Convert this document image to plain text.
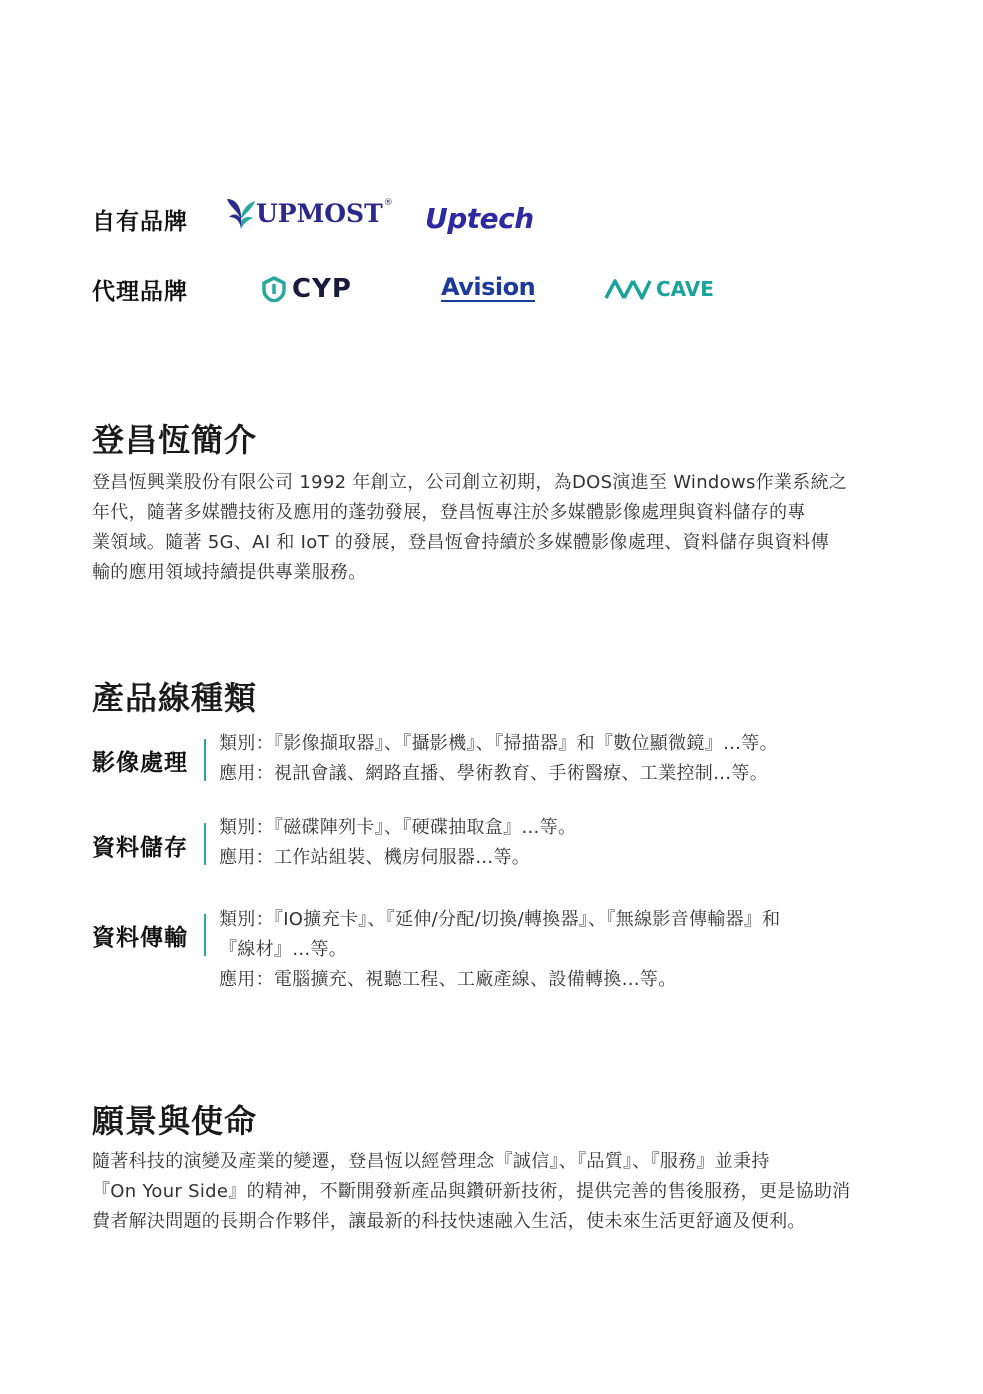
自有品牌	UPMOST ® Uptech
代理品牌	CYP	Avision	CAVE
登昌恆簡介
登昌恆興業股份有限公司 1992 年創立，公司創立初期，為DOS演進至 Windows作業系統之
年代，隨著多媒體技術及應用的蓬勃發展，登昌恆專注於多媒體影像處理與資料儲存的專
業領域。隨著 5G、AI 和 IoT 的發展，登昌恆會持續於多媒體影像處理、資料儲存與資料傳
輸的應用領域持續提供專業服務。
產品線種類
影像處理
類別：『影像擷取器』、『攝影機』、『掃描器』和『數位顯微鏡』…等。
應用：視訊會議、網路直播、學術教育、手術醫療、工業控制…等。
資料儲存
類別：『磁碟陣列卡』、『硬碟抽取盒』…等。
應用：工作站組裝、機房伺服器…等。
資料傳輸
類別：『IO擴充卡』、『延伸/分配/切換/轉換器』、『無線影音傳輸器』和
『線材』…等。
應用：電腦擴充、視聽工程、工廠產線、設備轉換…等。
願景與使命
隨著科技的演變及產業的變遷，登昌恆以經營理念『誠信』、『品質』、『服務』並秉持
『On Your Side』的精神，不斷開發新產品與鑽研新技術，提供完善的售後服務，更是協助消
費者解決問題的長期合作夥伴，讓最新的科技快速融入生活，使未來生活更舒適及便利。
